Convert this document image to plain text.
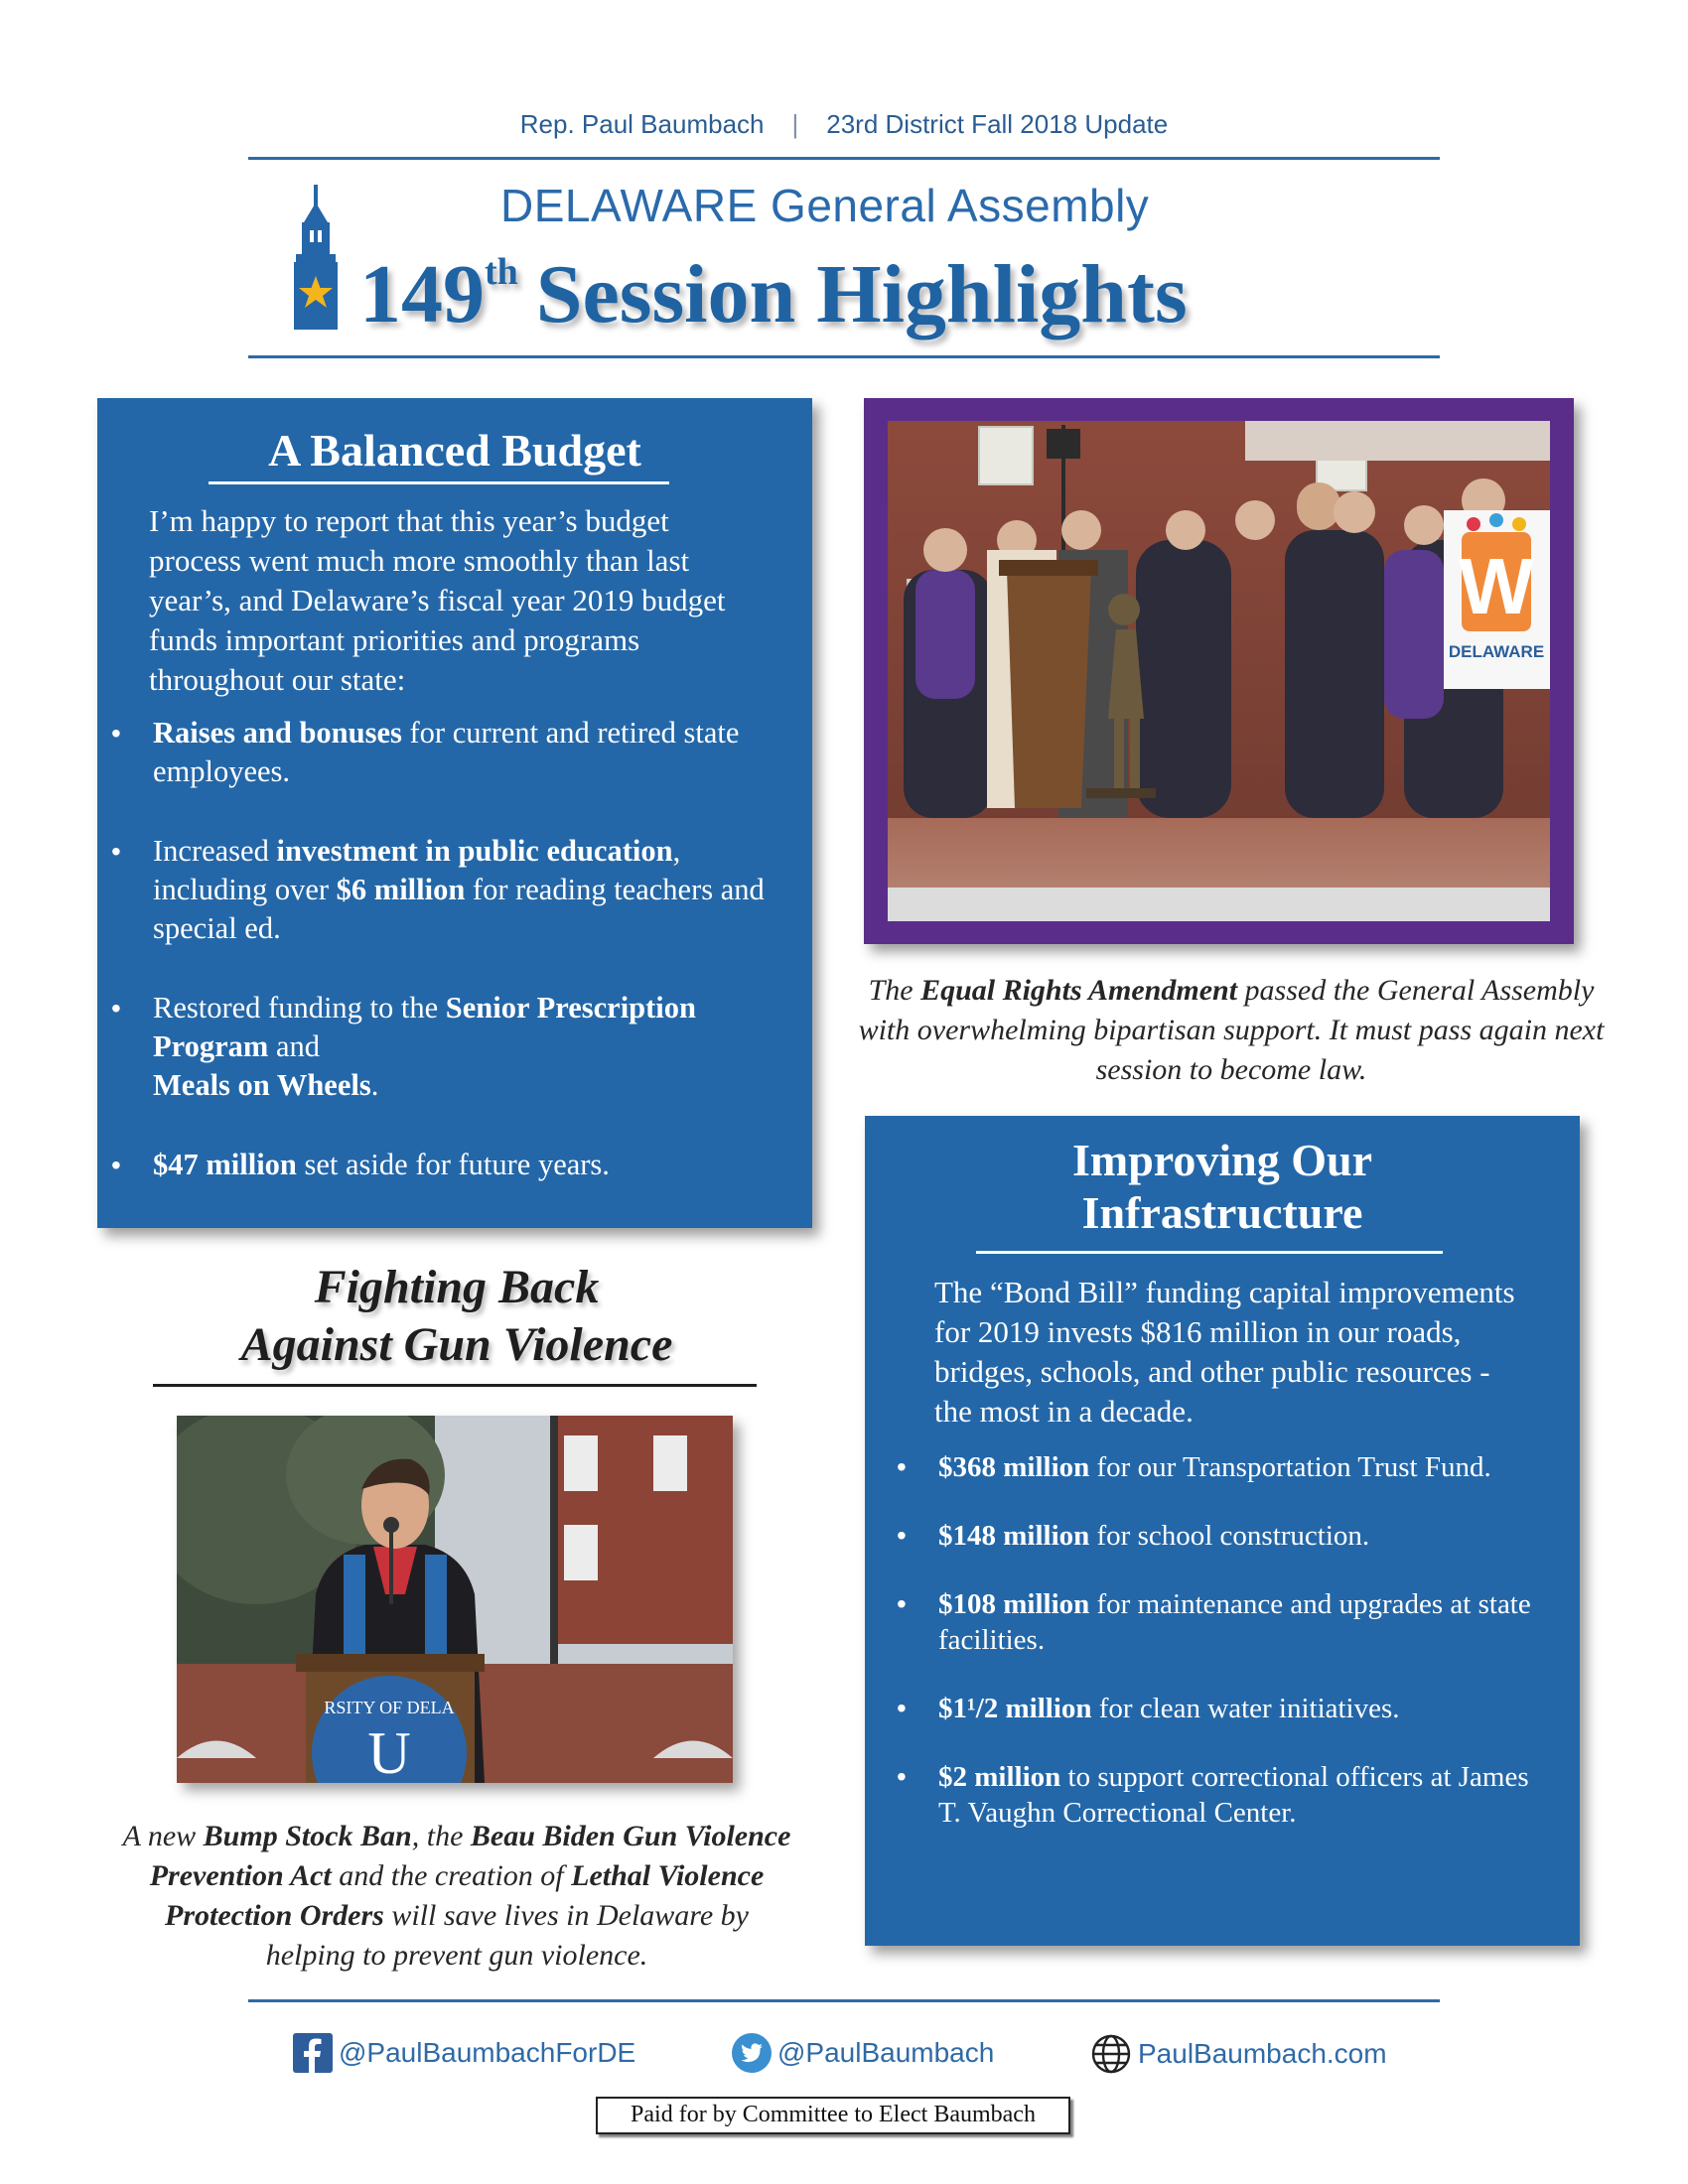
Rep. Paul Baumbach | 23rd District Fall 2018 Update
DELAWARE General Assembly
149th Session Highlights
A Balanced Budget
I’m happy to report that this year’s budget process went much more smoothly than last year’s, and Delaware’s fiscal year 2019 budget funds important priorities and programs throughout our state:
• Raises and bonuses for current and retired state employees.
• Increased investment in public education, including over $6 million for reading teachers and special ed.
• Restored funding to the Senior Prescription Program and
Meals on Wheels.
• $47 million set aside for future years.
W
DELAWARE
The Equal Rights Amendment passed the General Assembly with overwhelming bipartisan support. It must pass again next session to become law.
Improving Our
Infrastructure
The “Bond Bill” funding capital improvements for 2019 invests $816 million in our roads, bridges, schools, and other public resources - the most in a decade.
• $368 million for our Transportation Trust Fund.
• $148 million for school construction.
• $108 million for maintenance and upgrades at state facilities.
• $1¹/2 million for clean water initiatives.
• $2 million to support correctional officers at James T. Vaughn Correctional Center.
Fighting Back
Against Gun Violence
RSITY OF DELA
U
A new Bump Stock Ban, the Beau Biden Gun Violence Prevention Act and the creation of Lethal Violence Protection Orders will save lives in Delaware by helping to prevent gun violence.
@PaulBaumbachForDE	@PaulBaumbach	PaulBaumbach.com
Paid for by Committee to Elect Baumbach
